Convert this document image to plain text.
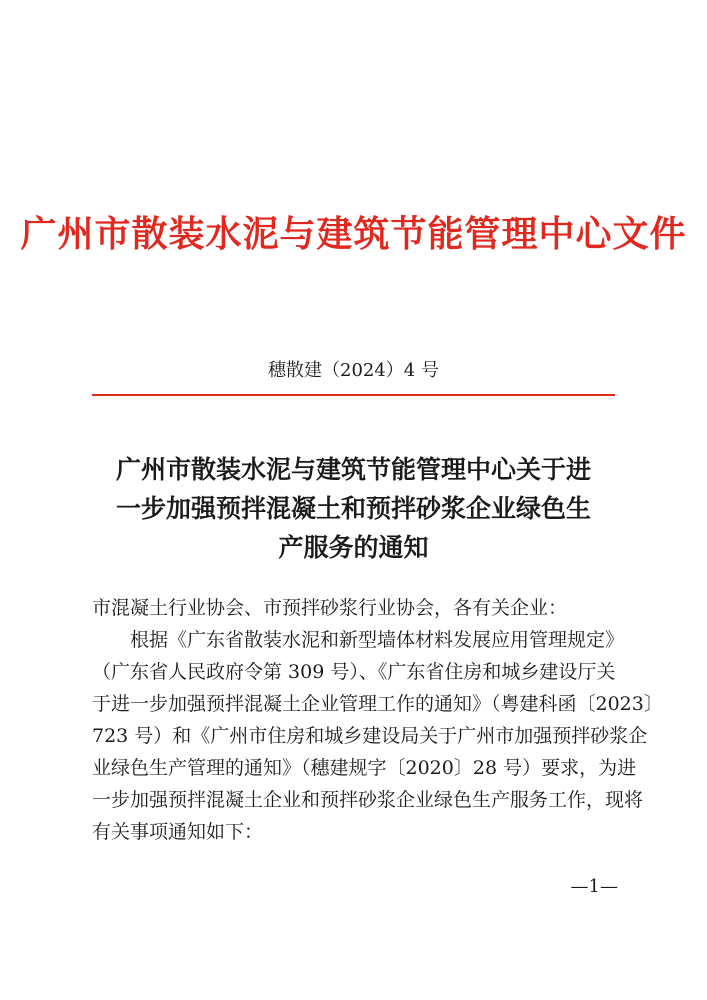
广州市散装水泥与建筑节能管理中心文件
穗散建（2024）4 号
广州市散装水泥与建筑节能管理中心关于进
一步加强预拌混凝土和预拌砂浆企业绿色生
产服务的通知
市混凝土行业协会、市预拌砂浆行业协会，各有关企业：
根据《广东省散装水泥和新型墙体材料发展应用管理规定》
（广东省人民政府令第 309 号）、《广东省住房和城乡建设厅关
于进一步加强预拌混凝土企业管理工作的通知》（粤建科函〔2023〕
723 号）和《广州市住房和城乡建设局关于广州市加强预拌砂浆企
业绿色生产管理的通知》（穗建规字〔2020〕28 号）要求，为进
一步加强预拌混凝土企业和预拌砂浆企业绿色生产服务工作，现将
有关事项通知如下：
—1—
